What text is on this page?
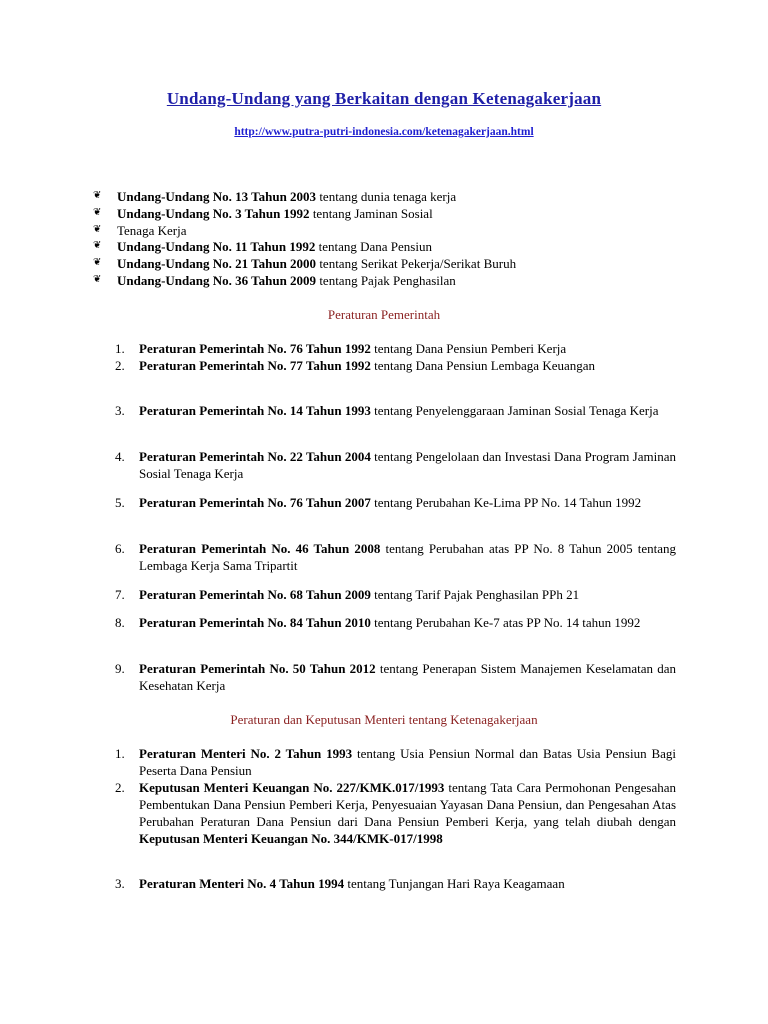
Undang-Undang yang Berkaitan dengan Ketenagakerjaan
http://www.putra-putri-indonesia.com/ketenagakerjaan.html
❦ Undang-Undang No. 13 Tahun 2003 tentang dunia tenaga kerja
❦ Undang-Undang No. 3 Tahun 1992 tentang Jaminan Sosial
❦ Tenaga Kerja
❦ Undang-Undang No. 11 Tahun 1992 tentang Dana Pensiun
❦ Undang-Undang No. 21 Tahun 2000 tentang Serikat Pekerja/Serikat Buruh
❦ Undang-Undang No. 36 Tahun 2009 tentang Pajak Penghasilan
Peraturan Pemerintah
1.	Peraturan Pemerintah No. 76 Tahun 1992 tentang Dana Pensiun Pemberi Kerja
2.	Peraturan Pemerintah No. 77 Tahun 1992 tentang Dana Pensiun Lembaga Keuangan
3.	Peraturan Pemerintah No. 14 Tahun 1993 tentang Penyelenggaraan Jaminan Sosial Tenaga Kerja
4.	Peraturan Pemerintah No. 22 Tahun 2004 tentang Pengelolaan dan Investasi Dana Program Jaminan Sosial Tenaga Kerja
5.	Peraturan Pemerintah No. 76 Tahun 2007 tentang Perubahan Ke-Lima PP No. 14 Tahun 1992
6.	Peraturan Pemerintah No. 46 Tahun 2008 tentang Perubahan atas PP No. 8 Tahun 2005 tentang Lembaga Kerja Sama Tripartit
7.	Peraturan Pemerintah No. 68 Tahun 2009 tentang Tarif Pajak Penghasilan PPh 21
8.	Peraturan Pemerintah No. 84 Tahun 2010 tentang Perubahan Ke-7 atas PP No. 14 tahun 1992
9.	Peraturan Pemerintah No. 50 Tahun 2012 tentang Penerapan Sistem Manajemen Keselamatan dan Kesehatan Kerja
Peraturan dan Keputusan Menteri tentang Ketenagakerjaan
1.	Peraturan Menteri No. 2 Tahun 1993 tentang Usia Pensiun Normal dan Batas Usia Pensiun Bagi Peserta Dana Pensiun
2.	Keputusan Menteri Keuangan No. 227/KMK.017/1993 tentang Tata Cara Permohonan Pengesahan Pembentukan Dana Pensiun Pemberi Kerja, Penyesuaian Yayasan Dana Pensiun, dan Pengesahan Atas Perubahan Peraturan Dana Pensiun dari Dana Pensiun Pemberi Kerja, yang telah diubah dengan Keputusan Menteri Keuangan No. 344/KMK-017/1998
3.	Peraturan Menteri No. 4 Tahun 1994 tentang Tunjangan Hari Raya Keagamaan
